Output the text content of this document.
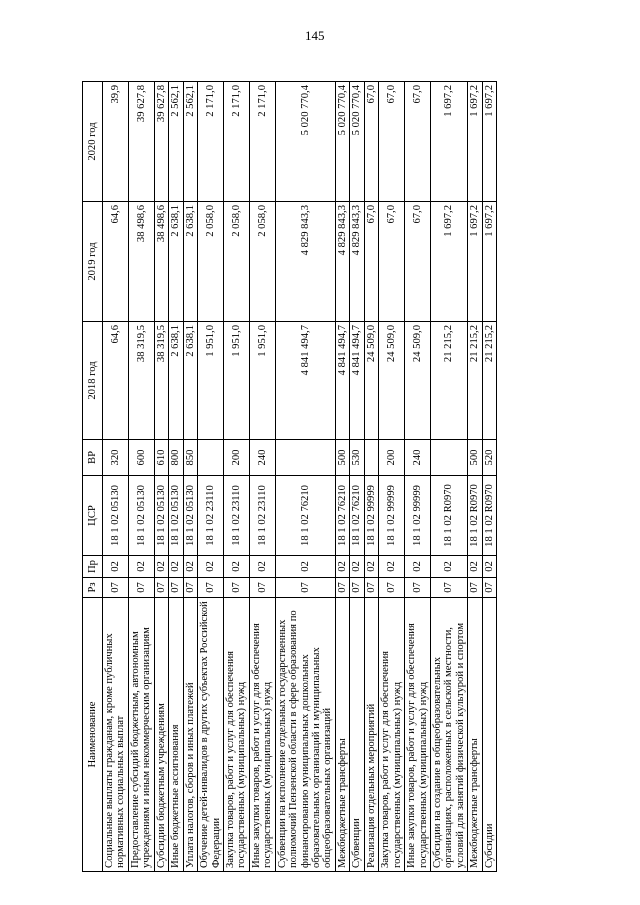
145
Наименование	Рз	Пр	ЦСР	ВР	2018 год	2019 год	2020 год
Социальные выплаты гражданам, кроме публичных нормативных социальных выплат	07	02	18 1 02 05130	320	64,6	64,6	39,9
Предоставление субсидий бюджетным, автономным учреждениям и иным некоммерческим организациям	07	02	18 1 02 05130	600	38 319,5	38 498,6	39 627,8
Субсидии бюджетным учреждениям	07	02	18 1 02 05130	610	38 319,5	38 498,6	39 627,8
Иные бюджетные ассигнования	07	02	18 1 02 05130	800	2 638,1	2 638,1	2 562,1
Уплата налогов, сборов и иных платежей	07	02	18 1 02 05130	850	2 638,1	2 638,1	2 562,1
Обучение детей-инвалидов в других субъектах Российской Федерации	07	02	18 1 02 23110		1 951,0	2 058,0	2 171,0
Закупка товаров, работ и услуг для обеспечения государственных (муниципальных) нужд	07	02	18 1 02 23110	200	1 951,0	2 058,0	2 171,0
Иные закупки товаров, работ и услуг для обеспечения государственных (муниципальных) нужд	07	02	18 1 02 23110	240	1 951,0	2 058,0	2 171,0
Субвенции на исполнение отдельных государственных полномочий Пензенской области в сфере образования по финансированию муниципальных дошкольных образовательных организаций и муниципальных общеобразовательных организаций	07	02	18 1 02 76210		4 841 494,7	4 829 843,3	5 020 770,4
Межбюджетные трансферты	07	02	18 1 02 76210	500	4 841 494,7	4 829 843,3	5 020 770,4
Субвенции	07	02	18 1 02 76210	530	4 841 494,7	4 829 843,3	5 020 770,4
Реализация отдельных мероприятий	07	02	18 1 02 99999		24 509,0	67,0	67,0
Закупка товаров, работ и услуг для обеспечения государственных (муниципальных) нужд	07	02	18 1 02 99999	200	24 509,0	67,0	67,0
Иные закупки товаров, работ и услуг для обеспечения государственных (муниципальных) нужд	07	02	18 1 02 99999	240	24 509,0	67,0	67,0
Субсидии на создание в общеобразовательных организациях, расположенных в сельской местности, условий для занятий физической культурой и спортом	07	02	18 1 02 R0970		21 215,2	1 697,2	1 697,2
Межбюджетные трансферты	07	02	18 1 02 R0970	500	21 215,2	1 697,2	1 697,2
Субсидии	07	02	18 1 02 R0970	520	21 215,2	1 697,2	1 697,2
